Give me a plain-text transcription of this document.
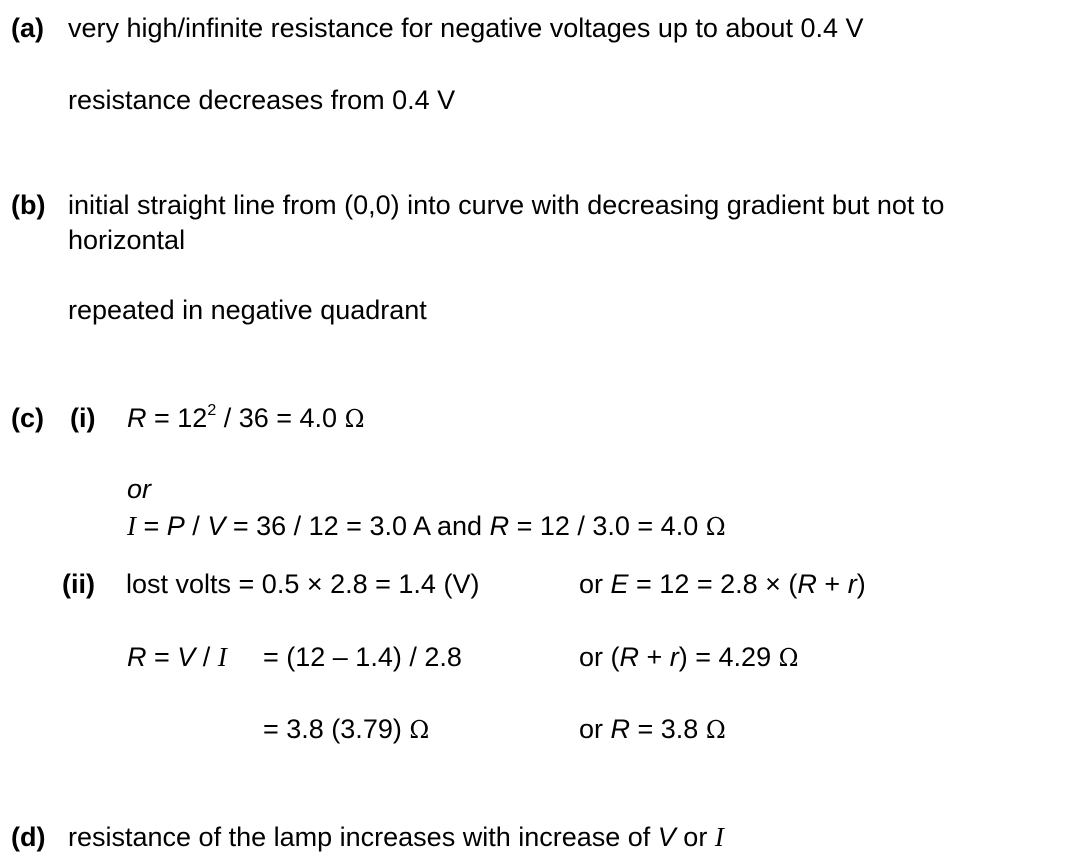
(a) very high/infinite resistance for negative voltages up to about 0.4 V
resistance decreases from 0.4 V
(b) initial straight line from (0,0) into curve with decreasing gradient but not to
horizontal
repeated in negative quadrant
(c) (i) $R = 12^2 / 36 = 4.0$ Ω
or
I = P / V = 36 / 12 = 3.0 A and R = 12 / 3.0 = 4.0 Ω
(ii) lost volts = 0.5 × 2.8 = 1.4 (V)	or E = 12 = 2.8 × (R + r)
R = V / I = (12 – 1.4) / 2.8	or (R + r) = 4.29 Ω
= 3.8 (3.79) Ω	or R = 3.8 Ω
(d) resistance of the lamp increases with increase of V or I
